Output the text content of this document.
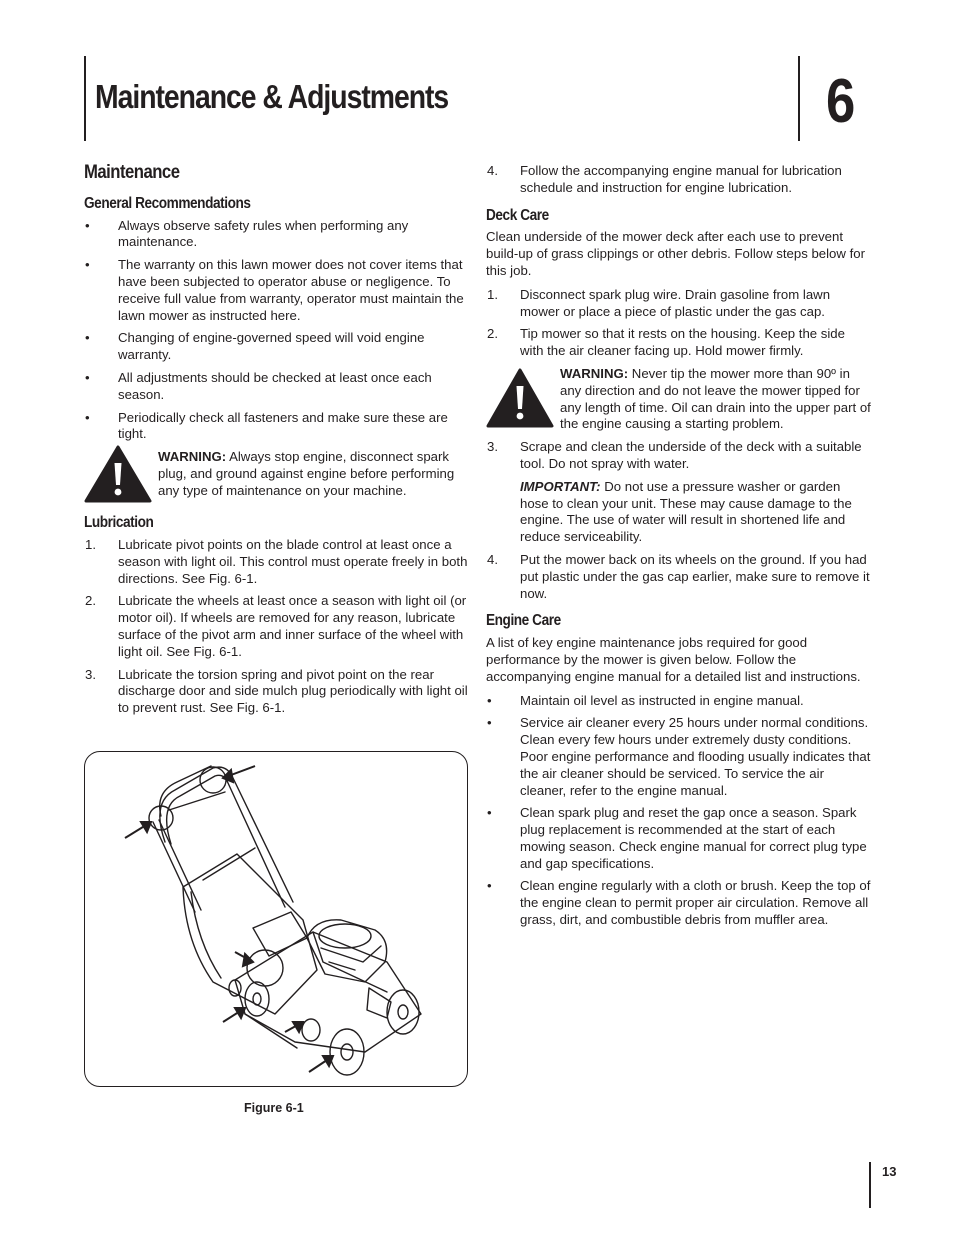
Maintenance & Adjustments	6
Maintenance
General Recommendations
• Always observe safety rules when performing any maintenance.
• The warranty on this lawn mower does not cover items that have been subjected to operator abuse or negligence. To receive full value from warranty, operator must maintain the lawn mower as instructed here.
• Changing of engine-governed speed will void engine warranty.
• All adjustments should be checked at least once each season.
• Periodically check all fasteners and make sure these are tight.
WARNING: Always stop engine, disconnect spark plug, and ground against engine before performing any type of maintenance on your machine.
Lubrication
1. Lubricate pivot points on the blade control at least once a season with light oil. This control must operate freely in both directions. See Fig. 6-1.
2. Lubricate the wheels at least once a season with light oil (or motor oil). If wheels are removed for any reason, lubricate surface of the pivot arm and inner surface of the wheel with light oil. See Fig. 6-1.
3. Lubricate the torsion spring and pivot point on the rear discharge door and side mulch plug periodically with light oil to prevent rust. See Fig. 6-1.
Figure 6-1
4. Follow the accompanying engine manual for lubrication schedule and instruction for engine lubrication.
Deck Care

Clean underside of the mower deck after each use to prevent build-up of grass clippings or other debris. Follow steps below for this job.

1. Disconnect spark plug wire. Drain gasoline from lawn mower or place a piece of plastic under the gas cap.
2. Tip mower so that it rests on the housing. Keep the side with the air cleaner facing up. Hold mower firmly.
WARNING: Never tip the mower more than 90º in any direction and do not leave the mower tipped for any length of time. Oil can drain into the upper part of the engine causing a starting problem.
3. Scrape and clean the underside of the deck with a suitable tool. Do not spray with water.
IMPORTANT: Do not use a pressure washer or garden hose to clean your unit. These may cause damage to the engine. The use of water will result in shortened life and reduce serviceability.
4. Put the mower back on its wheels on the ground. If you had put plastic under the gas cap earlier, make sure to remove it now.
Engine Care

A list of key engine maintenance jobs required for good performance by the mower is given below. Follow the accompanying engine manual for a detailed list and instructions.

• Maintain oil level as instructed in engine manual.
• Service air cleaner every 25 hours under normal conditions. Clean every few hours under extremely dusty conditions. Poor engine performance and flooding usually indicates that the air cleaner should be serviced. To service the air cleaner, refer to the engine manual.
• Clean spark plug and reset the gap once a season. Spark plug replacement is recommended at the start of each mowing season. Check engine manual for correct plug type and gap specifications.
• Clean engine regularly with a cloth or brush. Keep the top of the engine clean to permit proper air circulation. Remove all grass, dirt, and combustible debris from muffler area.
13
